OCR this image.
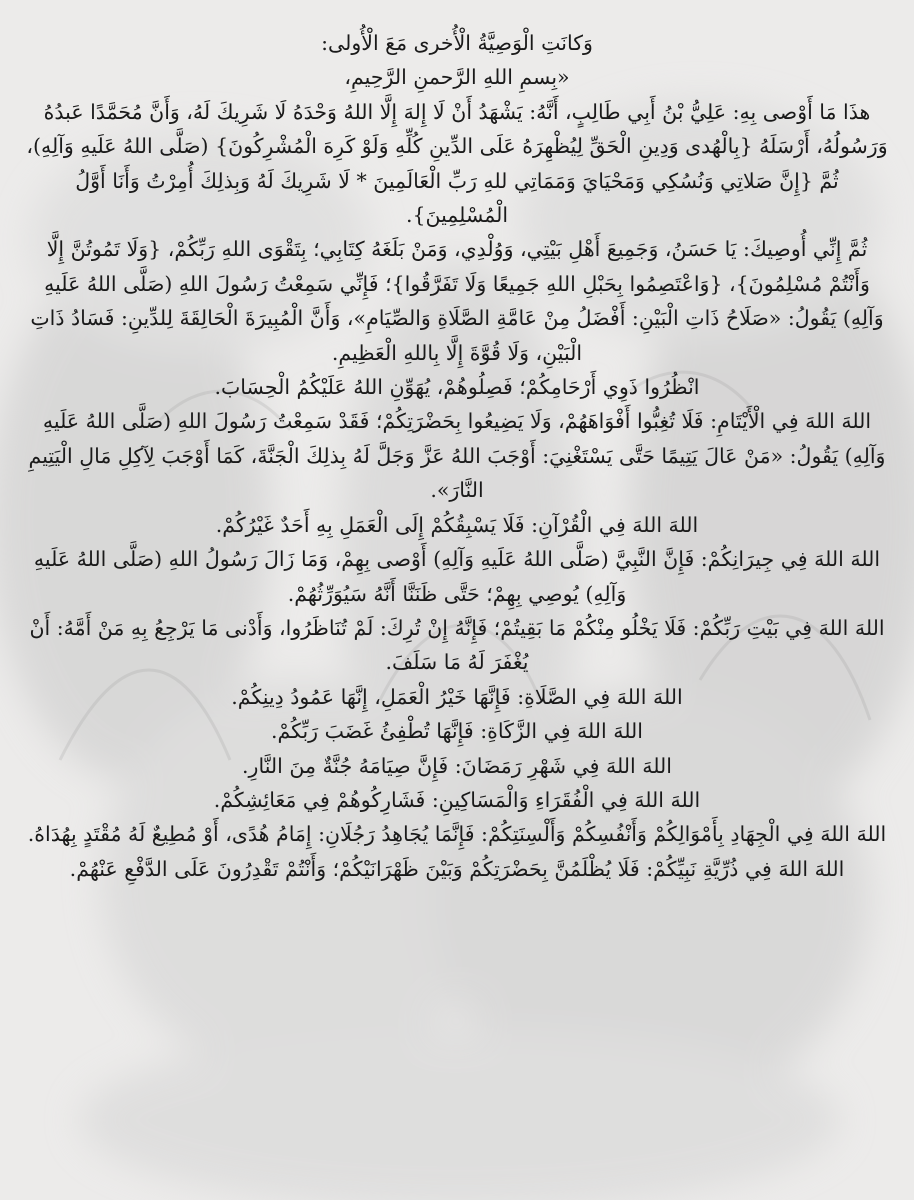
وَكانَتِ الْوَصِيَّةُ الْأُخرى مَعَ الْأُولى:

«بِسمِ اللهِ الرَّحمنِ الرَّحِيمِ،

هذَا مَا أَوْصى بِهِ: عَلِيُّ بْنُ أَبِي طَالِبٍ، أَنَّهُ: يَشْهَدُ أَنْ لَا إِلهَ إِلَّا اللهُ وَحْدَهُ لَا شَرِيكَ لَهُ، وَأَنَّ مُحَمَّدًا عَبدُهُ وَرَسُولُهُ، أَرْسَلَهُ {بِالْهُدى وَدِينِ الْحَقِّ لِيُظْهِرَهُ عَلَى الدِّينِ كُلِّهِ وَلَوْ كَرِهَ الْمُشْرِكُونَ} (صَلَّى اللهُ عَلَيهِ وَآلِهِ)، ثُمَّ {إِنَّ صَلاتِي وَنُسُكِي وَمَحْيَايَ وَمَمَاتِي للهِ رَبِّ الْعَالَمِينَ * لَا شَرِيكَ لَهُ وَبِذلِكَ أُمِرْتُ وَأَنَا أَوَّلُ الْمُسْلِمِينَ}.

ثُمَّ إِنِّي أُوصِيكَ: يَا حَسَنُ، وَجَمِيعَ أَهْلِ بَيْتِي، وَوُلْدِي، وَمَنْ بَلَغَهُ كِتَابِي؛ بِتَقْوَى اللهِ رَبِّكُمْ، {وَلَا تَمُوتُنَّ إِلَّا وَأَنْتُمْ مُسْلِمُونَ}، {وَاعْتَصِمُوا بِحَبْلِ اللهِ جَمِيعًا وَلَا تَفَرَّقُوا}؛ فَإِنِّي سَمِعْتُ رَسُولَ اللهِ (صَلَّى اللهُ عَلَيهِ وَآلِهِ) يَقُولُ: «صَلَاحُ ذَاتِ الْبَيْنِ: أَفْضَلُ مِنْ عَامَّةِ الصَّلَاةِ وَالصِّيَامِ»، وَأَنَّ الْمُبِيرَةَ الْحَالِقَةَ لِلدِّينِ: فَسَادُ ذَاتِ الْبَيْنِ، وَلَا قُوَّةَ إِلَّا بِاللهِ الْعَظِيمِ.

انْظُرُوا ذَوِي أَرْحَامِكُمْ؛ فَصِلُوهُمْ، يُهَوِّنِ اللهُ عَلَيْكُمُ الْحِسَابَ.

اللهَ اللهَ فِي الْأَيْتَامِ: فَلَا تُغِبُّوا أَفْوَاهَهُمْ، وَلَا يَضِيعُوا بِحَضْرَتِكُمْ؛ فَقَدْ سَمِعْتُ رَسُولَ اللهِ (صَلَّى اللهُ عَلَيهِ وَآلِهِ) يَقُولُ: «مَنْ عَالَ يَتِيمًا حَتَّى يَسْتَغْنِيَ: أَوْجَبَ اللهُ عَزَّ وَجَلَّ لَهُ بِذلِكَ الْجَنَّةَ، كَمَا أَوْجَبَ لِآكِلِ مَالِ الْيَتِيمِ النَّارَ».

اللهَ اللهَ فِي الْقُرْآنِ: فَلَا يَسْبِقُكُمْ إِلَى الْعَمَلِ بِهِ أَحَدٌ غَيْرُكُمْ.

اللهَ اللهَ فِي جِيرَانِكُمْ: فَإِنَّ النَّبِيَّ (صَلَّى اللهُ عَلَيهِ وَآلِهِ) أَوْصى بِهِمْ، وَمَا زَالَ رَسُولُ اللهِ (صَلَّى اللهُ عَلَيهِ وَآلِهِ) يُوصِي بِهِمْ؛ حَتَّى ظَنَنَّا أَنَّهُ سَيُوَرِّثُهُمْ.

اللهَ اللهَ فِي بَيْتِ رَبِّكُمْ: فَلَا يَخْلُو مِنْكُمْ مَا بَقِيتُمْ؛ فَإِنَّهُ إِنْ تُرِكَ: لَمْ تُنَاظَرُوا، وَأَدْنى مَا يَرْجِعُ بِهِ مَنْ أَمَّهُ: أَنْ يُغْفَرَ لَهُ مَا سَلَفَ.

اللهَ اللهَ فِي الصَّلَاةِ: فَإِنَّهَا خَيْرُ الْعَمَلِ، إِنَّهَا عَمُودُ دِينِكُمْ.

اللهَ اللهَ فِي الزَّكَاةِ: فَإِنَّهَا تُطْفِئُ غَضَبَ رَبِّكُمْ.

اللهَ اللهَ فِي شَهْرِ رَمَضَانَ: فَإِنَّ صِيَامَهُ جُنَّةٌ مِنَ النَّارِ.

اللهَ اللهَ فِي الْفُقَرَاءِ وَالْمَسَاكِينِ: فَشَارِكُوهُمْ فِي مَعَائِشِكُمْ.

اللهَ اللهَ فِي الْجِهَادِ بِأَمْوَالِكُمْ وَأَنْفُسِكُمْ وَأَلْسِنَتِكُمْ: فَإِنَّمَا يُجَاهِدُ رَجُلَانِ: إِمَامُ هُدًى، أَوْ مُطِيعٌ لَهُ مُقْتَدٍ بِهُدَاهُ.

اللهَ اللهَ فِي ذُرِّيَّةِ نَبِيِّكُمْ: فَلَا يُظْلَمُنَّ بِحَضْرَتِكُمْ وَبَيْنَ ظَهْرَانَيْكُمْ؛ وَأَنْتُمْ تَقْدِرُونَ عَلَى الدَّفْعِ عَنْهُمْ.
